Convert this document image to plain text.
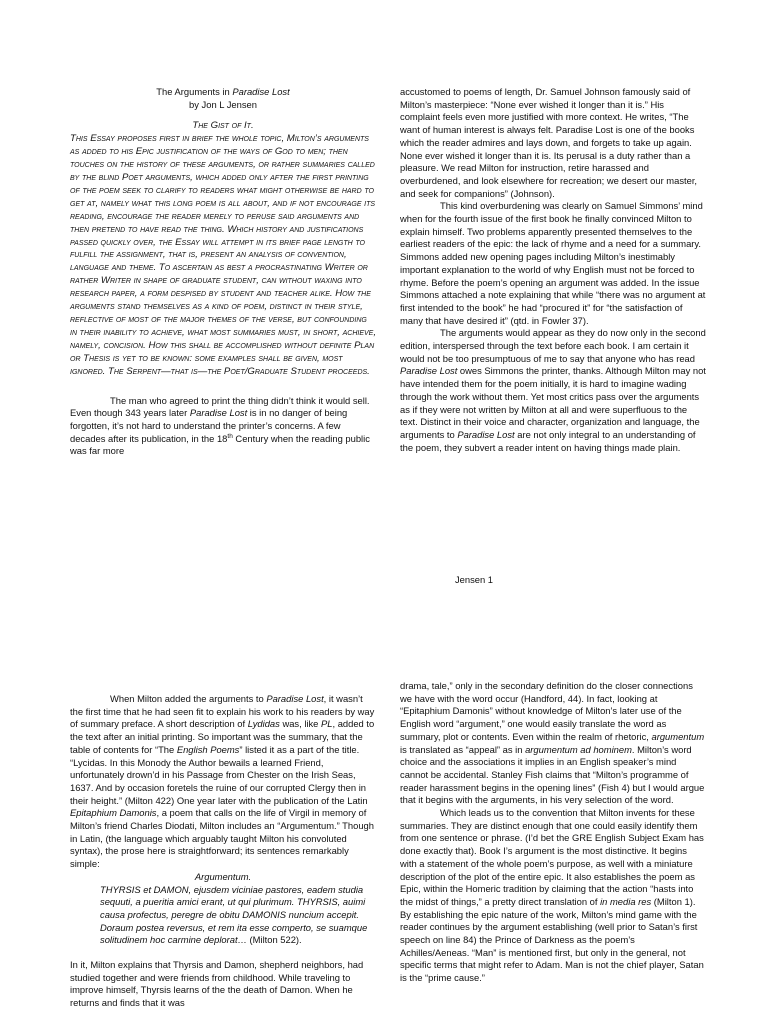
The Arguments in Paradise Lost

by Jon L Jensen

The Gist of It.

This Essay proposes first in brief the whole topic, Milton’s arguments as added to his Epic justification of the ways of God to men; then touches on the history of these arguments, or rather summaries called by the blind Poet arguments, which added only after the first printing of the poem seek to clarify to readers what might otherwise be hard to get at, namely what this long poem is all about, and if not encourage its reading, encourage the reader merely to peruse said arguments and then pretend to have read the thing. Which history and justifications passed quickly over, the Essay will attempt in its brief page length to fulfill the assignment, that is, present an analysis of convention, language and theme. To ascertain as best a procrastinating Writer or rather Writer in shape of graduate student, can without waxing into research paper, a form despised by student and teacher alike. How the arguments stand themselves as a kind of poem, distinct in their style, reflective of most of the major themes of the verse, but confounding in their inability to achieve, what most summaries must, in short, achieve, namely, concision. How this shall be accomplished without definite Plan or Thesis is yet to be known: some examples shall be given, most ignored. The Serpent—that is—the Poet/Graduate Student proceeds.

The man who agreed to print the thing didn’t think it would sell. Even though 343 years later Paradise Lost is in no danger of being forgotten, it’s not hard to understand the printer’s concerns. A few decades after its publication, in the 18th Century when the reading public was far more

accustomed to poems of length, Dr. Samuel Johnson famously said of Milton’s masterpiece: “None ever wished it longer than it is.” His complaint feels even more justified with more context. He writes, “The want of human interest is always felt. Paradise Lost is one of the books which the reader admires and lays down, and forgets to take up again. None ever wished it longer than it is. Its perusal is a duty rather than a pleasure. We read Milton for instruction, retire harassed and overburdened, and look elsewhere for recreation; we desert our master, and seek for companions” (Johnson).

This kind overburdening was clearly on Samuel Simmons’ mind when for the fourth issue of the first book he finally convinced Milton to explain himself. Two problems apparently presented themselves to the earliest readers of the epic: the lack of rhyme and a need for a summary. Simmons added new opening pages including Milton’s inestimably important explanation to the world of why English must not be forced to rhyme. Before the poem’s opening an argument was added. In the issue Simmons attached a note explaining that while “there was no argument at first intended to the book” he had “procured it” for “the satisfaction of many that have desired it” (qtd. in Fowler 37).

The arguments would appear as they do now only in the second edition, interspersed through the text before each book. I am certain it would not be too presumptuous of me to say that anyone who has read Paradise Lost owes Simmons the printer, thanks. Although Milton may not have intended them for the poem initially, it is hard to imagine wading through the work without them. Yet most critics pass over the arguments as if they were not written by Milton at all and were superfluous to the text. Distinct in their voice and character, organization and language, the arguments to Paradise Lost are not only integral to an understanding of the poem, they subvert a reader intent on having things made plain.

Jensen 1

When Milton added the arguments to Paradise Lost, it wasn’t the first time that he had seen fit to explain his work to his readers by way of summary preface. A short description of Lydidas was, like PL, added to the text after an initial printing. So important was the summary, that the table of contents for “The English Poems” listed it as a part of the title. “Lycidas. In this Monody the Author bewails a learned Friend, unfortunately drown’d in his Passage from Chester on the Irish Seas, 1637. And by occasion foretels the ruine of our corrupted Clergy then in their height.” (Milton 422) One year later with the publication of the Latin Epitaphium Damonis, a poem that calls on the life of Virgil in memory of Milton’s friend Charles Diodati, Milton includes an “Argumentum.” Though in Latin, (the language which arguably taught Milton his convoluted syntax), the prose here is straightforward; its sentences remarkably simple:

Argumentum.

THYRSIS et DAMON, ejusdem viciniae pastores, eadem studia sequuti, a pueritia amici erant, ut qui plurimum. THYRSIS, auimi causa profectus, peregre de obitu DAMONIS nuncium accepit. Doraum postea reversus, et rem ita esse comperto, se suamque solitudinem hoc carmine deplorat… (Milton 522).

In it, Milton explains that Thyrsis and Damon, shepherd neighbors, had studied together and were friends from childhood. While traveling to improve himself, Thyrsis learns of the the death of Damon. When he returns and finds that it was

drama, tale,” only in the secondary definition do the closer connections we have with the word occur (Handford, 44). In fact, looking at “Epitaphium Damonis” without knowledge of Milton’s later use of the English word “argument,” one would easily translate the word as summary, plot or contents. Even within the realm of rhetoric, argumentum is translated as “appeal” as in argumentum ad hominem. Milton’s word choice and the associations it implies in an English speaker’s mind cannot be accidental. Stanley Fish claims that “Milton’s programme of reader harassment begins in the opening lines” (Fish 4) but I would argue that it begins with the arguments, in his very selection of the word.

Which leads us to the convention that Milton invents for these summaries. They are distinct enough that one could easily identify them from one sentence or phrase. (I’d bet the GRE English Subject Exam has done exactly that). Book I’s argument is the most distinctive. It begins with a statement of the whole poem’s purpose, as well with a miniature description of the plot of the entire epic. It also establishes the poem as Epic, within the Homeric tradition by claiming that the action “hasts into the midst of things,” a pretty direct translation of in media res (Milton 1). By establishing the epic nature of the work, Milton’s mind game with the reader continues by the argument establishing (well prior to Satan’s first speech on line 84) the Prince of Darkness as the poem’s Achilles/Aeneas. “Man” is mentioned first, but only in the general, not specific terms that might refer to Adam. Man is not the chief player, Satan is the “prime cause.”
